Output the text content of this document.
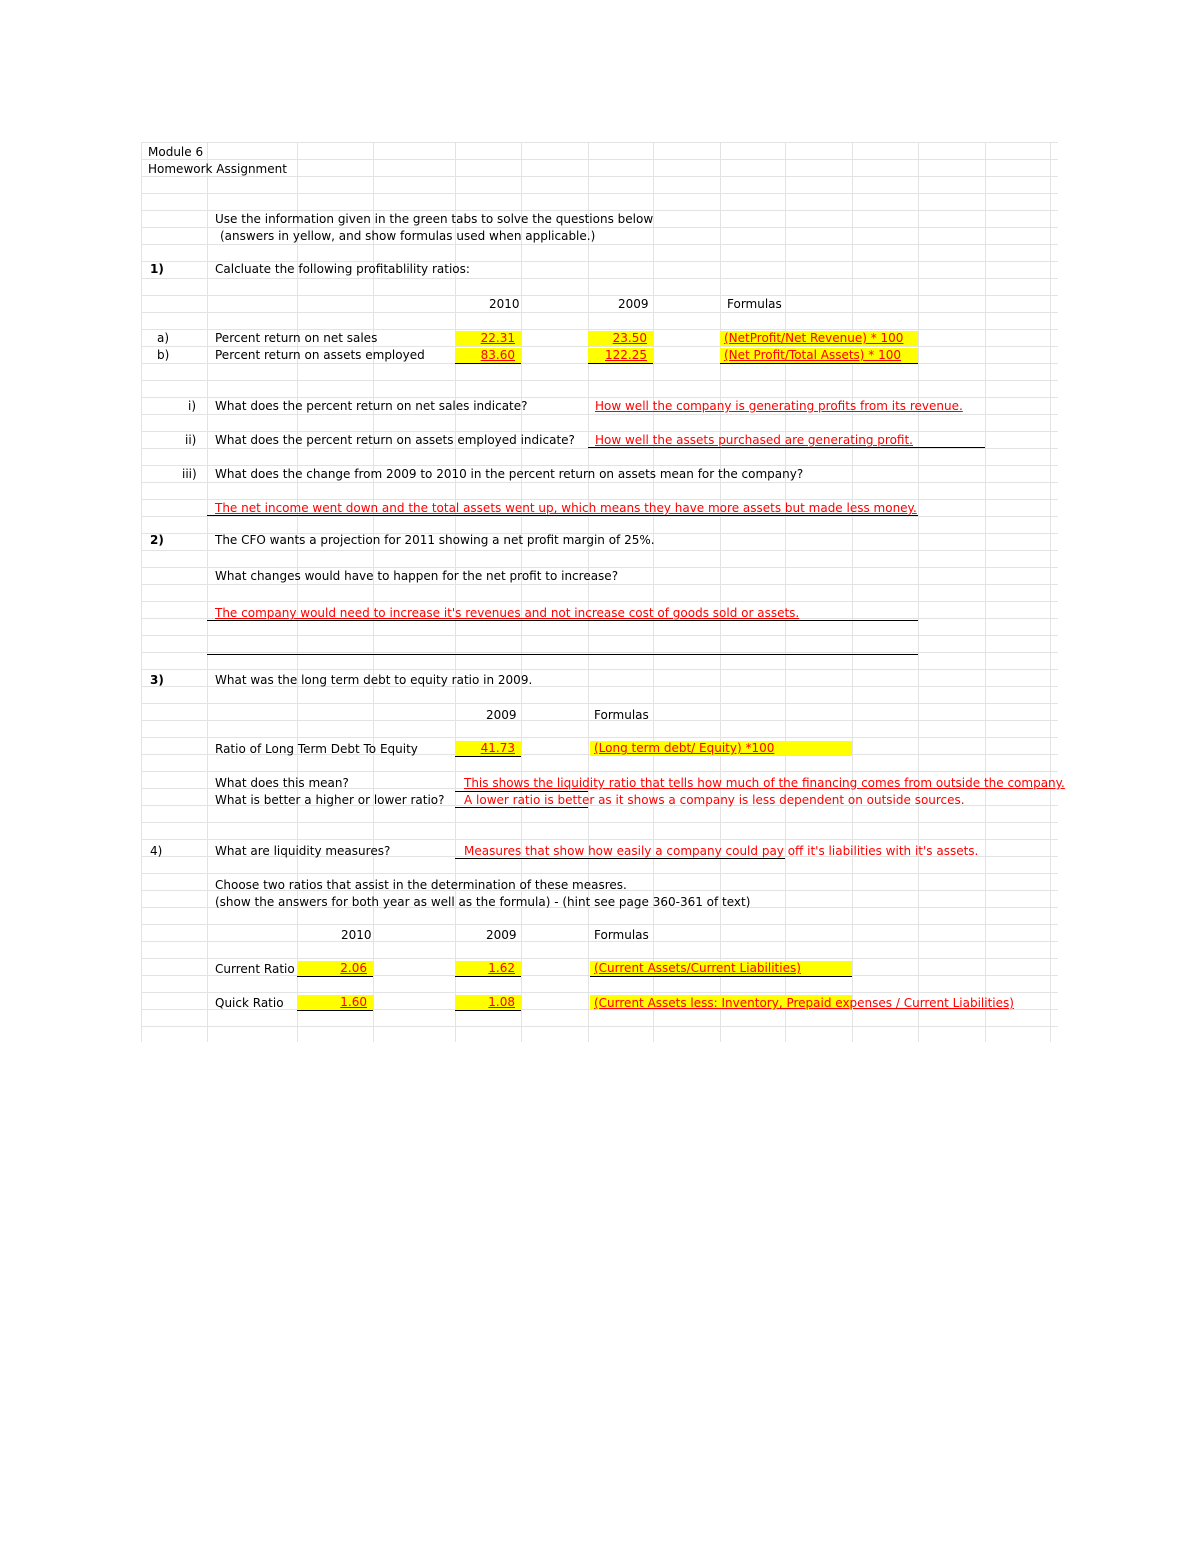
Module 6
Homework Assignment
Use the information given in the green tabs to solve the questions below
(answers in yellow, and show formulas used when applicable.)
1)	Calcluate the following profitablility ratios:
2010	2009	Formulas
a)	Percent return on net sales	22.31	23.50	(NetProfit/Net Revenue) * 100
b)	Percent return on assets employed	83.60	122.25	(Net Profit/Total Assets) * 100
i) What does the percent return on net sales indicate?	How well the company is generating profits from its revenue.
ii) What does the percent return on assets employed indicate? How well the assets purchased are generating profit.
iii) What does the change from 2009 to 2010 in the percent return on assets mean for the company?
The net income went down and the total assets went up, which means they have more assets but made less money.
2)	The CFO wants a projection for 2011 showing a net profit margin of 25%.
What changes would have to happen for the net profit to increase?
The company would need to increase it's revenues and not increase cost of goods sold or assets.
3)	What was the long term debt to equity ratio in 2009.
2009	Formulas
Ratio of Long Term Debt To Equity	41.73	(Long term debt/ Equity) *100
What does this mean?	This shows the liquidity ratio that tells how much of the financing comes from outside the company.
What is better a higher or lower ratio? A lower ratio is better as it shows a company is less dependent on outside sources.
4)	What are liquidity measures?	Measures that show how easily a company could pay off it's liabilities with it's assets.
Choose two ratios that assist in the determination of these measres.
(show the answers for both year as well as the formula) - (hint see page 360-361 of text)
2010	2009	Formulas
Current Ratio	2.06	1.62	(Current Assets/Current Liabilities)
Quick Ratio	1.60	1.08	(Current Assets less: Inventory, Prepaid expenses / Current Liabilities)
